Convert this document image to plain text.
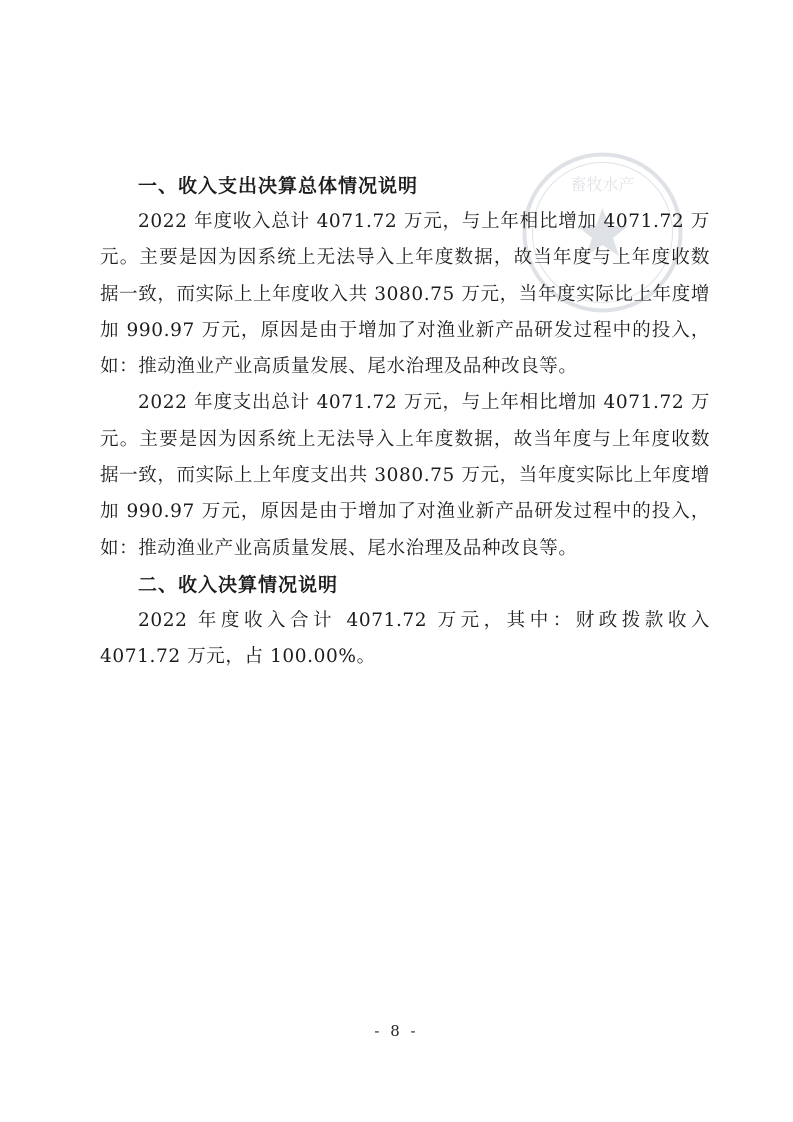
畜牧水产
一、收入支出决算总体情况说明

2022 年度收入总计 4071.72 万元，与上年相比增加 4071.72 万元。主要是因为因系统上无法导入上年度数据，故当年度与上年度收数据一致，而实际上上年度收入共 3080.75 万元，当年度实际比上年度增加 990.97 万元，原因是由于增加了对渔业新产品研发过程中的投入，如：推动渔业产业高质量发展、尾水治理及品种改良等。

2022 年度支出总计 4071.72 万元，与上年相比增加 4071.72 万元。主要是因为因系统上无法导入上年度数据，故当年度与上年度收数据一致，而实际上上年度支出共 3080.75 万元，当年度实际比上年度增加 990.97 万元，原因是由于增加了对渔业新产品研发过程中的投入，如：推动渔业产业高质量发展、尾水治理及品种改良等。

二、收入决算情况说明

2022 年度收入合计 4071.72 万元，其中：财政拨款收入 4071.72 万元，占 100.00%。

- 8 -
